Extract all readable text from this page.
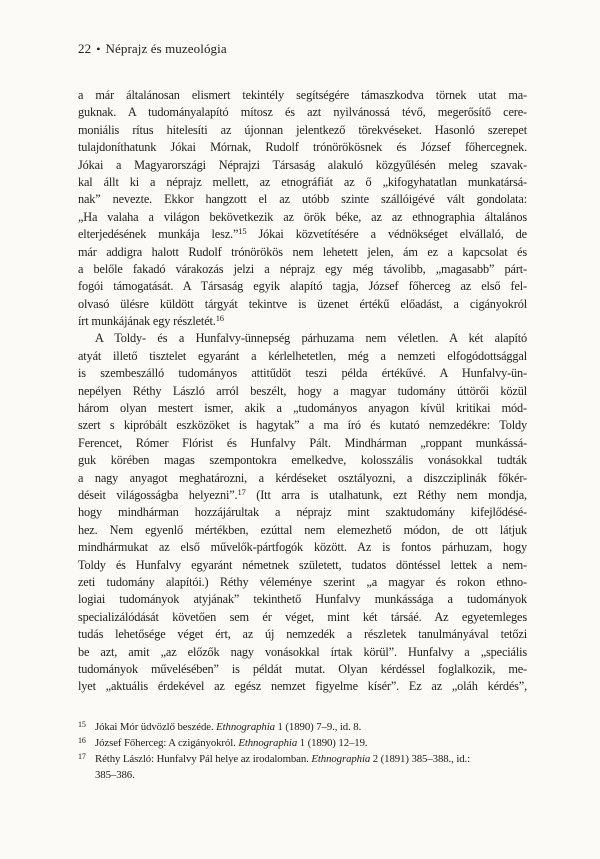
22 • Néprajz és muzeológia
a már általánosan elismert tekintély segítségére támaszkodva törnek utat ma-
guknak. A tudományalapító mítosz és azt nyilvánossá tévő, megerősítő cere-
moniális rítus hitelesíti az újonnan jelentkező törekvéseket. Hasonló szerepet
tulajdoníthatunk Jókai Mórnak, Rudolf trónörökösnek és József főhercegnek.
Jókai a Magyarországi Néprajzi Társaság alakuló közgyűlésén meleg szavak-
kal állt ki a néprajz mellett, az etnográfiát az ő „kifogyhatatlan munkatársá-
nak” nevezte. Ekkor hangzott el az utóbb szinte szállóigévé vált gondolata:
„Ha valaha a világon bekövetkezik az örök béke, az az ethnographia általános
elterjedésének munkája lesz.”$^{15}$ Jókai közvetítésére a védnökséget elvállaló, de
már addigra halott Rudolf trónörökös nem lehetett jelen, ám ez a kapcsolat és
a belőle fakadó várakozás jelzi a néprajz egy még távolibb, „magasabb” párt-
fogói támogatását. A Társaság egyik alapító tagja, József főherceg az első fel-
olvasó ülésre küldött tárgyát tekintve is üzenet értékű előadást, a cigányokról
írt munkájának egy részletét.$^{16}$
A Toldy- és a Hunfalvy-ünnepség párhuzama nem véletlen. A két alapító
atyát illető tisztelet egyaránt a kérlelhetetlen, még a nemzeti elfogódottsággal
is szembeszálló tudományos attitűdöt teszi példa értékűvé. A Hunfalvy-ün-
nepélyen Réthy László arról beszélt, hogy a magyar tudomány úttörői közül
három olyan mestert ismer, akik a „tudományos anyagon kívül kritikai mód-
szert s kipróbált eszközöket is hagytak” a ma író és kutató nemzedékre: Toldy
Ferencet, Rómer Flórist és Hunfalvy Pált. Mindhárman „roppant munkássá-
guk körében magas szempontokra emelkedve, kolosszális vonásokkal tudták
a nagy anyagot meghatározni, a kérdéseket osztályozni, a diszcziplinák főkér-
déseit világosságba helyezni”.$^{17}$ (Itt arra is utalhatunk, ezt Réthy nem mondja,
hogy mindhárman hozzájárultak a néprajz mint szaktudomány kifejlődésé-
hez. Nem egyenlő mértékben, ezúttal nem elemezhető módon, de ott látjuk
mindhármukat az első művelők-pártfogók között. Az is fontos párhuzam, hogy
Toldy és Hunfalvy egyaránt németnek született, tudatos döntéssel lettek a nem-
zeti tudomány alapítói.) Réthy véleménye szerint „a magyar és rokon ethno-
logiai tudományok atyjának” tekinthető Hunfalvy munkássága a tudományok
specializálódását követően sem ér véget, mint két társáé. Az egyetemleges
tudás lehetősége véget ért, az új nemzedék a részletek tanulmányával tetőzi
be azt, amit „az előzők nagy vonásokkal írtak körül”. Hunfalvy a „speciális
tudományok művelésében” is példát mutat. Olyan kérdéssel foglalkozik, me-
lyet „aktuális érdekével az egész nemzet figyelme kísér”. Ez az „oláh kérdés”,
$^{15}$ Jókai Mór üdvözlő beszéde. Ethnographia 1 (1890) 7–9., id. 8.
$^{16}$ József Főherceg: A czigányokról. Ethnographia 1 (1890) 12–19.
$^{17}$ Réthy László: Hunfalvy Pál helye az irodalomban. Ethnographia 2 (1891) 385–388., id.:
385–386.
